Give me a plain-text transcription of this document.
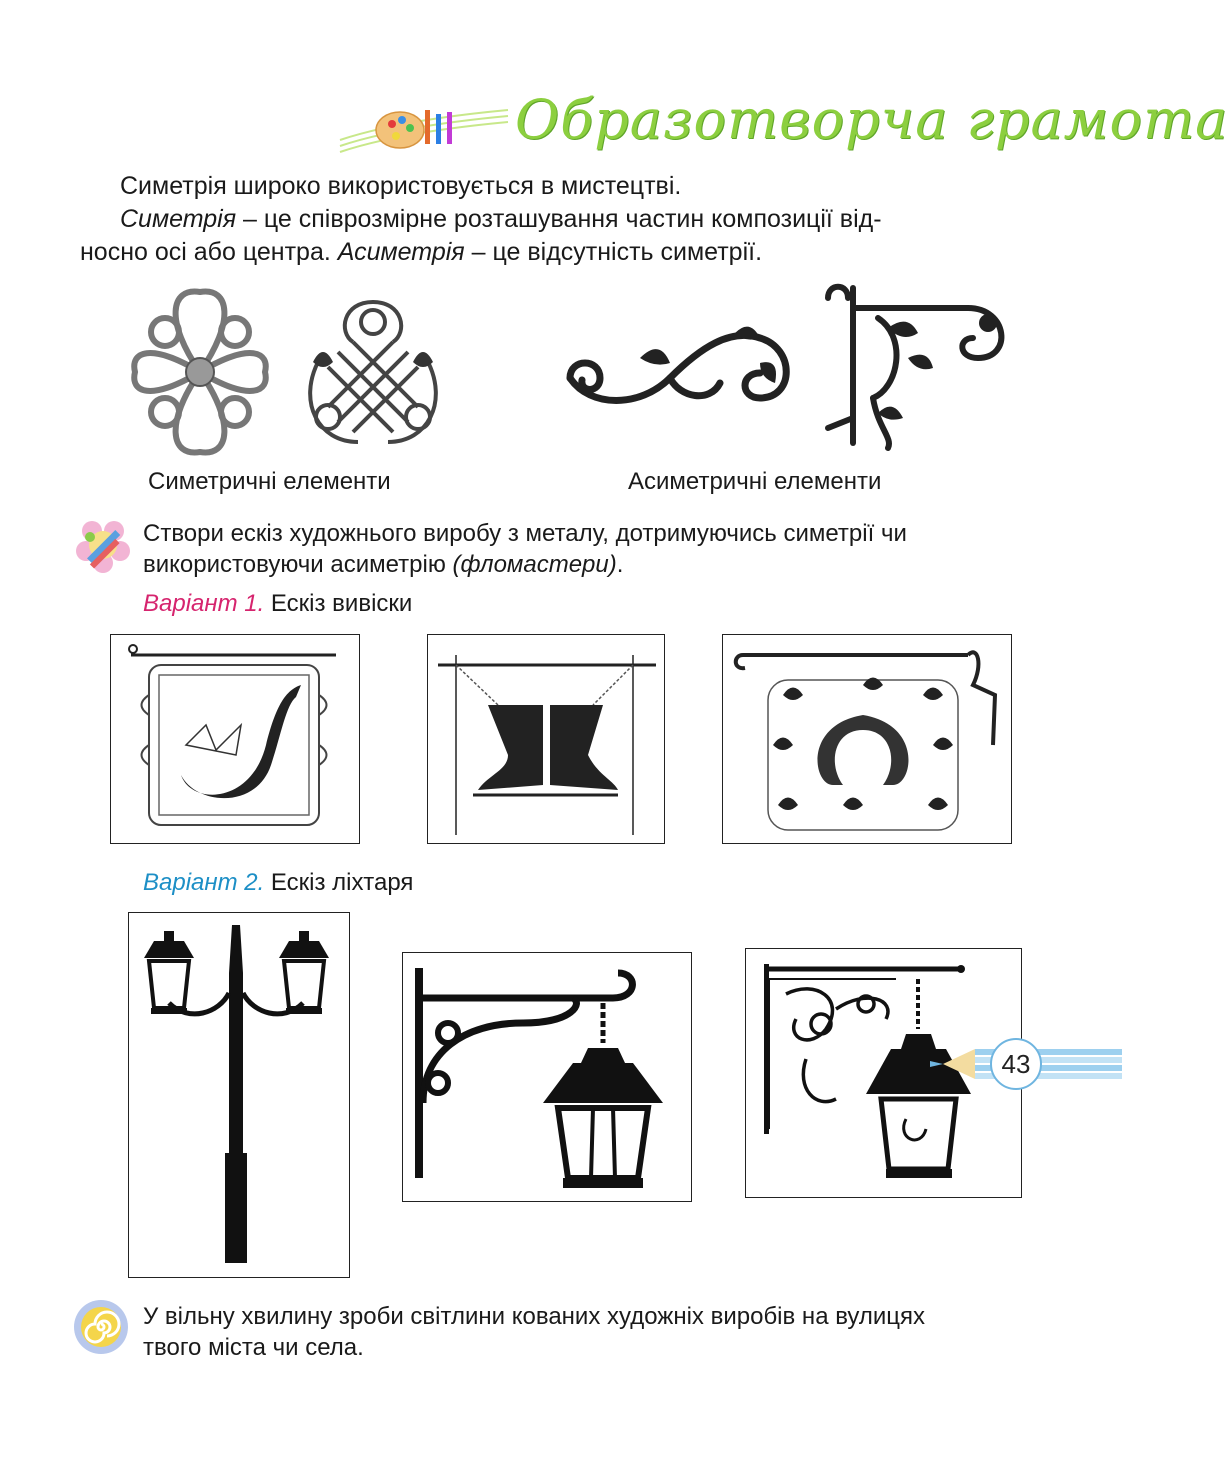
Образотворча грамота
Симетрія широко використовується в мистецтві.
Симетрія – це співрозмірне розташування частин композиції від-
носно осі або центра. Асиметрія – це відсутність симетрії.
Симетричні елементи	Асиметричні елементи
Створи ескіз художнього виробу з металу, дотримуючись симетрії чи
використовуючи асиметрію (фломастери).
Варіант 1. Ескіз вивіски
Варіант 2. Ескіз ліхтаря
У вільну хвилину зроби світлини кованих художніх виробів на вулицях
твого міста чи села.
43
